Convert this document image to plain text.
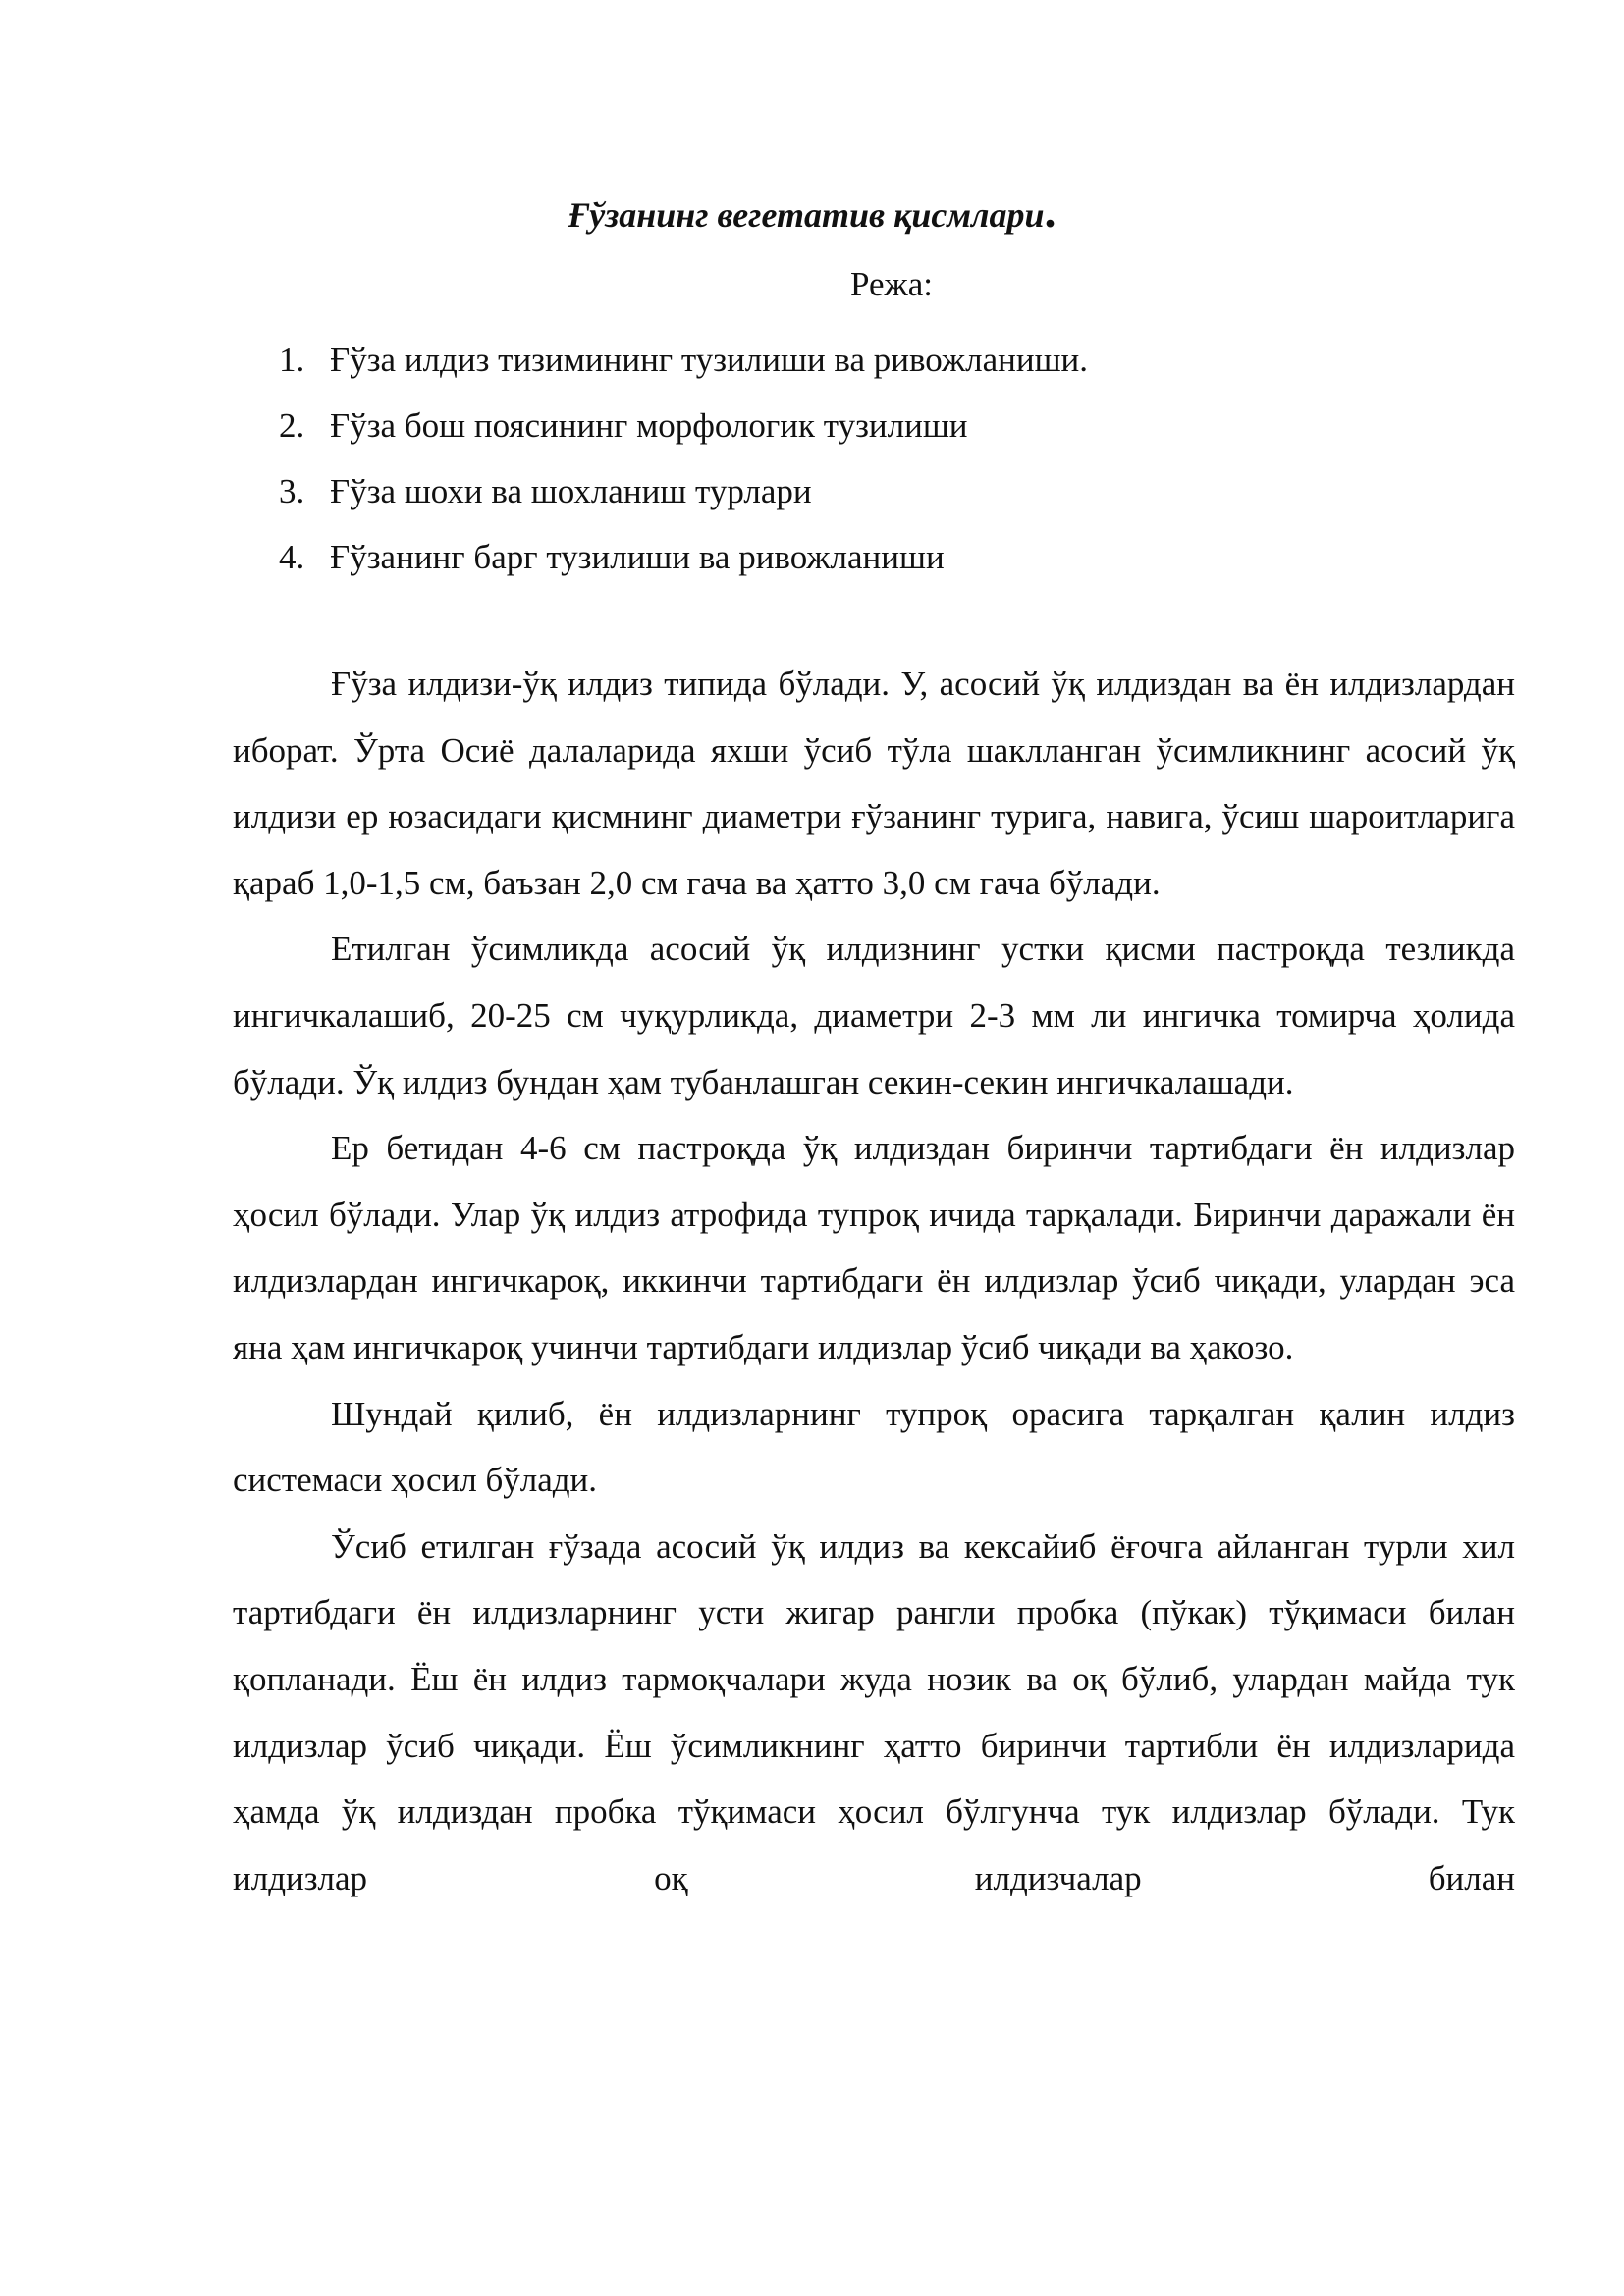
Ғўзанинг вегетатив қисмлари.

Режа:

1. Ғўза илдиз тизимининг тузилиши ва ривожланиши.
2. Ғўза бош поясининг морфологик тузилиши
3. Ғўза шохи ва шохланиш турлари
4. Ғўзанинг барг тузилиши ва ривожланиши

Ғўза илдизи-ўқ илдиз типида бўлади. У, асосий ўқ илдиздан ва ён илдизлардан иборат. Ўрта Осиё далаларида яхши ўсиб тўла шаклланган ўсимликнинг асосий ўқ илдизи ер юзасидаги қисмнинг диаметри ғўзанинг турига, навига, ўсиш шароитларига қараб 1,0-1,5 см, баъзан 2,0 см гача ва ҳатто 3,0 см гача бўлади.

Етилган ўсимликда асосий ўқ илдизнинг устки қисми пастроқда тезликда ингичкалашиб, 20-25 см чуқурликда, диаметри 2-3 мм ли ингичка томирча ҳолида бўлади. Ўқ илдиз бундан ҳам тубанлашган секин-секин ингичкалашади.

Ер бетидан 4-6 см пастроқда ўқ илдиздан биринчи тартибдаги ён илдизлар ҳосил бўлади. Улар ўқ илдиз атрофида тупроқ ичида тарқалади. Биринчи даражали ён илдизлардан ингичкароқ, иккинчи тартибдаги ён илдизлар ўсиб чиқади, улардан эса яна ҳам ингичкароқ учинчи тартибдаги илдизлар ўсиб чиқади ва ҳакозо.

Шундай қилиб, ён илдизларнинг тупроқ орасига тарқалган қалин илдиз системаси ҳосил бўлади.

Ўсиб етилган ғўзада асосий ўқ илдиз ва кексайиб ёғочга айланган турли хил тартибдаги ён илдизларнинг усти жигар рангли пробка (пўкак) тўқимаси билан қопланади. Ёш ён илдиз тармоқчалари жуда нозик ва оқ бўлиб, улардан майда тук илдизлар ўсиб чиқади. Ёш ўсимликнинг ҳатто биринчи тартибли ён илдизларида ҳамда ўқ илдиздан пробка тўқимаси ҳосил бўлгунча тук илдизлар бўлади. Тук илдизлар оқ илдизчалар билан
